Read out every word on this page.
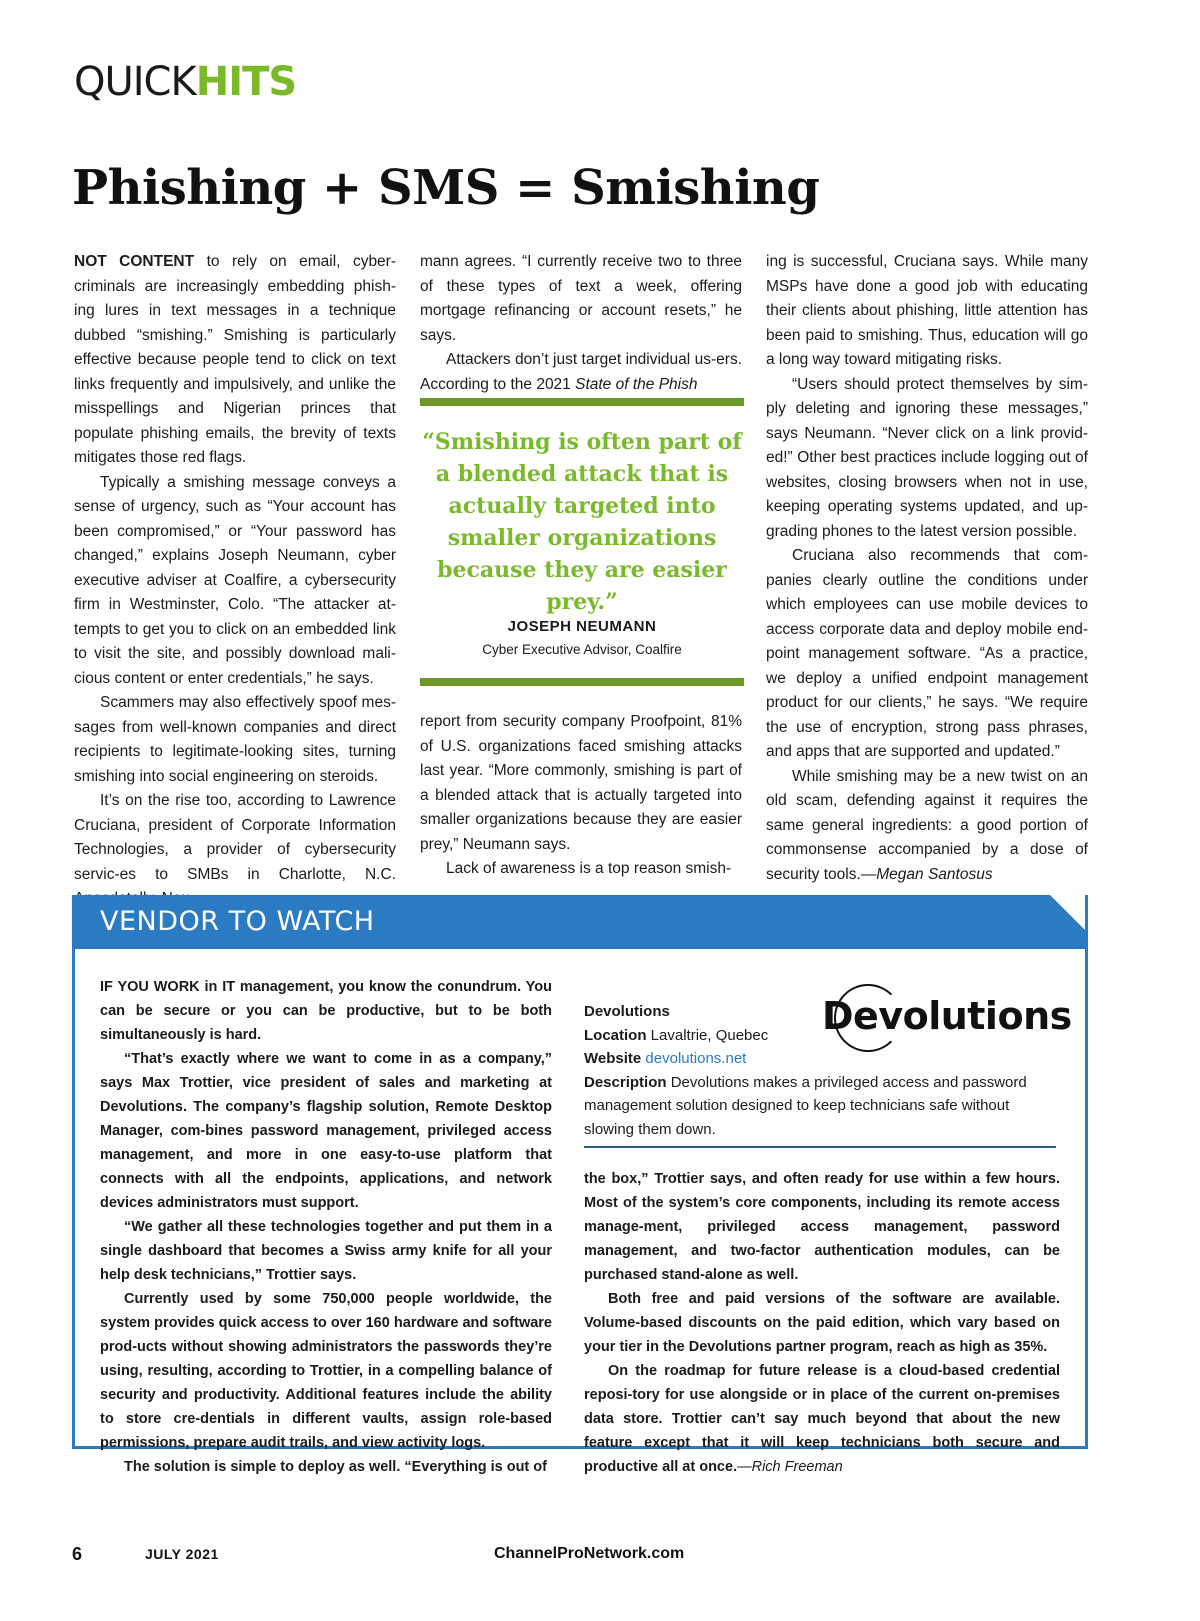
QUICKHITS
Phishing + SMS = Smishing

NOT CONTENT to rely on email, cyber-criminals are increasingly embedding phish-ing lures in text messages in a technique dubbed “smishing.” Smishing is particularly effective because people tend to click on text links frequently and impulsively, and unlike the misspellings and Nigerian princes that populate phishing emails, the brevity of texts mitigates those red flags.

Typically a smishing message conveys a sense of urgency, such as “Your account has been compromised,” or “Your password has changed,” explains Joseph Neumann, cyber executive adviser at Coalfire, a cybersecurity firm in Westminster, Colo. “The attacker at-tempts to get you to click on an embedded link to visit the site, and possibly download mali-cious content or enter credentials,” he says.

Scammers may also effectively spoof mes-sages from well-known companies and direct recipients to legitimate-looking sites, turning smishing into social engineering on steroids.

It’s on the rise too, according to Lawrence Cruciana, president of Corporate Information Technologies, a provider of cybersecurity servic-es to SMBs in Charlotte, N.C.

mann agrees. “I currently receive two to three of these types of text a week, offering mortgage refinancing or account resets,” he says.

Attackers don’t just target individual us-ers. According to the 2021 State of the Phish

“Smishing is often part of a blended attack that is actually targeted into smaller organizations because they are easier prey.”
JOSEPH NEUMANN
Cyber Executive Advisor, Coalfire

report from security company Proofpoint, 81% of U.S. organizations faced smishing attacks last year. “More commonly, smishing is part of a blended attack that is actually targeted into smaller organizations because they are easier prey,” Neumann says.

Lack of awareness is a top reason smish-

ing is successful, Cruciana says. While many MSPs have done a good job with educating their clients about phishing, little attention has been paid to smishing. Thus, education will go a long way toward mitigating risks.

“Users should protect themselves by sim-ply deleting and ignoring these messages,” says Neumann. “Never click on a link provid-ed!” Other best practices include logging out of websites, closing browsers when not in use, keeping operating systems updated, and up-grading phones to the latest version possible.

Cruciana also recommends that com-panies clearly outline the conditions under which employees can use mobile devices to access corporate data and deploy mobile end-point management software. “As a practice, we deploy a unified endpoint management product for our clients,” he says. “We require the use of encryption, strong pass phrases, and apps that are supported and updated.”

While smishing may be a new twist on an old scam, defending against it requires the same general ingredients: a good portion of commonsense accompanied by a dose of security tools.—Megan Santosus

VENDOR TO WATCH

IF YOU WORK in IT management, you know the conundrum. You can be secure or you can be productive, but to be both simultaneously is hard.

“That’s exactly where we want to come in as a company,” says Max Trottier, vice president of sales and marketing at Devolutions. The company’s flagship solution, Remote Desktop Manager, com-bines password management, privileged access management, and more in one easy-to-use platform that connects with all the endpoints, applications, and network devices administrators must support.

“We gather all these technologies together and put them in a single dashboard that becomes a Swiss army knife for all your help desk technicians,” Trottier says.

Currently used by some 750,000 people worldwide, the system provides quick access to over 160 hardware and software prod-ucts without showing administrators the passwords they’re using, resulting, according to Trottier, in a compelling balance of security and productivity. Additional features include the ability to store cre-dentials in different vaults, assign role-based permissions, prepare audit trails, and view activity logs.

The solution is simple to deploy as well. “Everything is out of

Devolutions
Devolutions
Location Lavaltrie, Quebec
Website devolutions.net
Description Devolutions makes a privileged access and password management solution designed to keep technicians safe without slowing them down.

the box,” Trottier says, and often ready for use within a few hours. Most of the system’s core components, including its remote access manage-ment, privileged access management, password management, and two-factor authentication modules, can be purchased stand-alone as well.

Both free and paid versions of the software are available. Volume-based discounts on the paid edition, which vary based on your tier in the Devolutions partner program, reach as high as 35%.

On the roadmap for future release is a cloud-based credential reposi-tory for use alongside or in place of the current on-premises data store. Trottier can’t say much beyond that about the new feature except that it will keep technicians both secure and productive all at once.—Rich Freeman

6	JULY 2021	ChannelProNetwork.com
